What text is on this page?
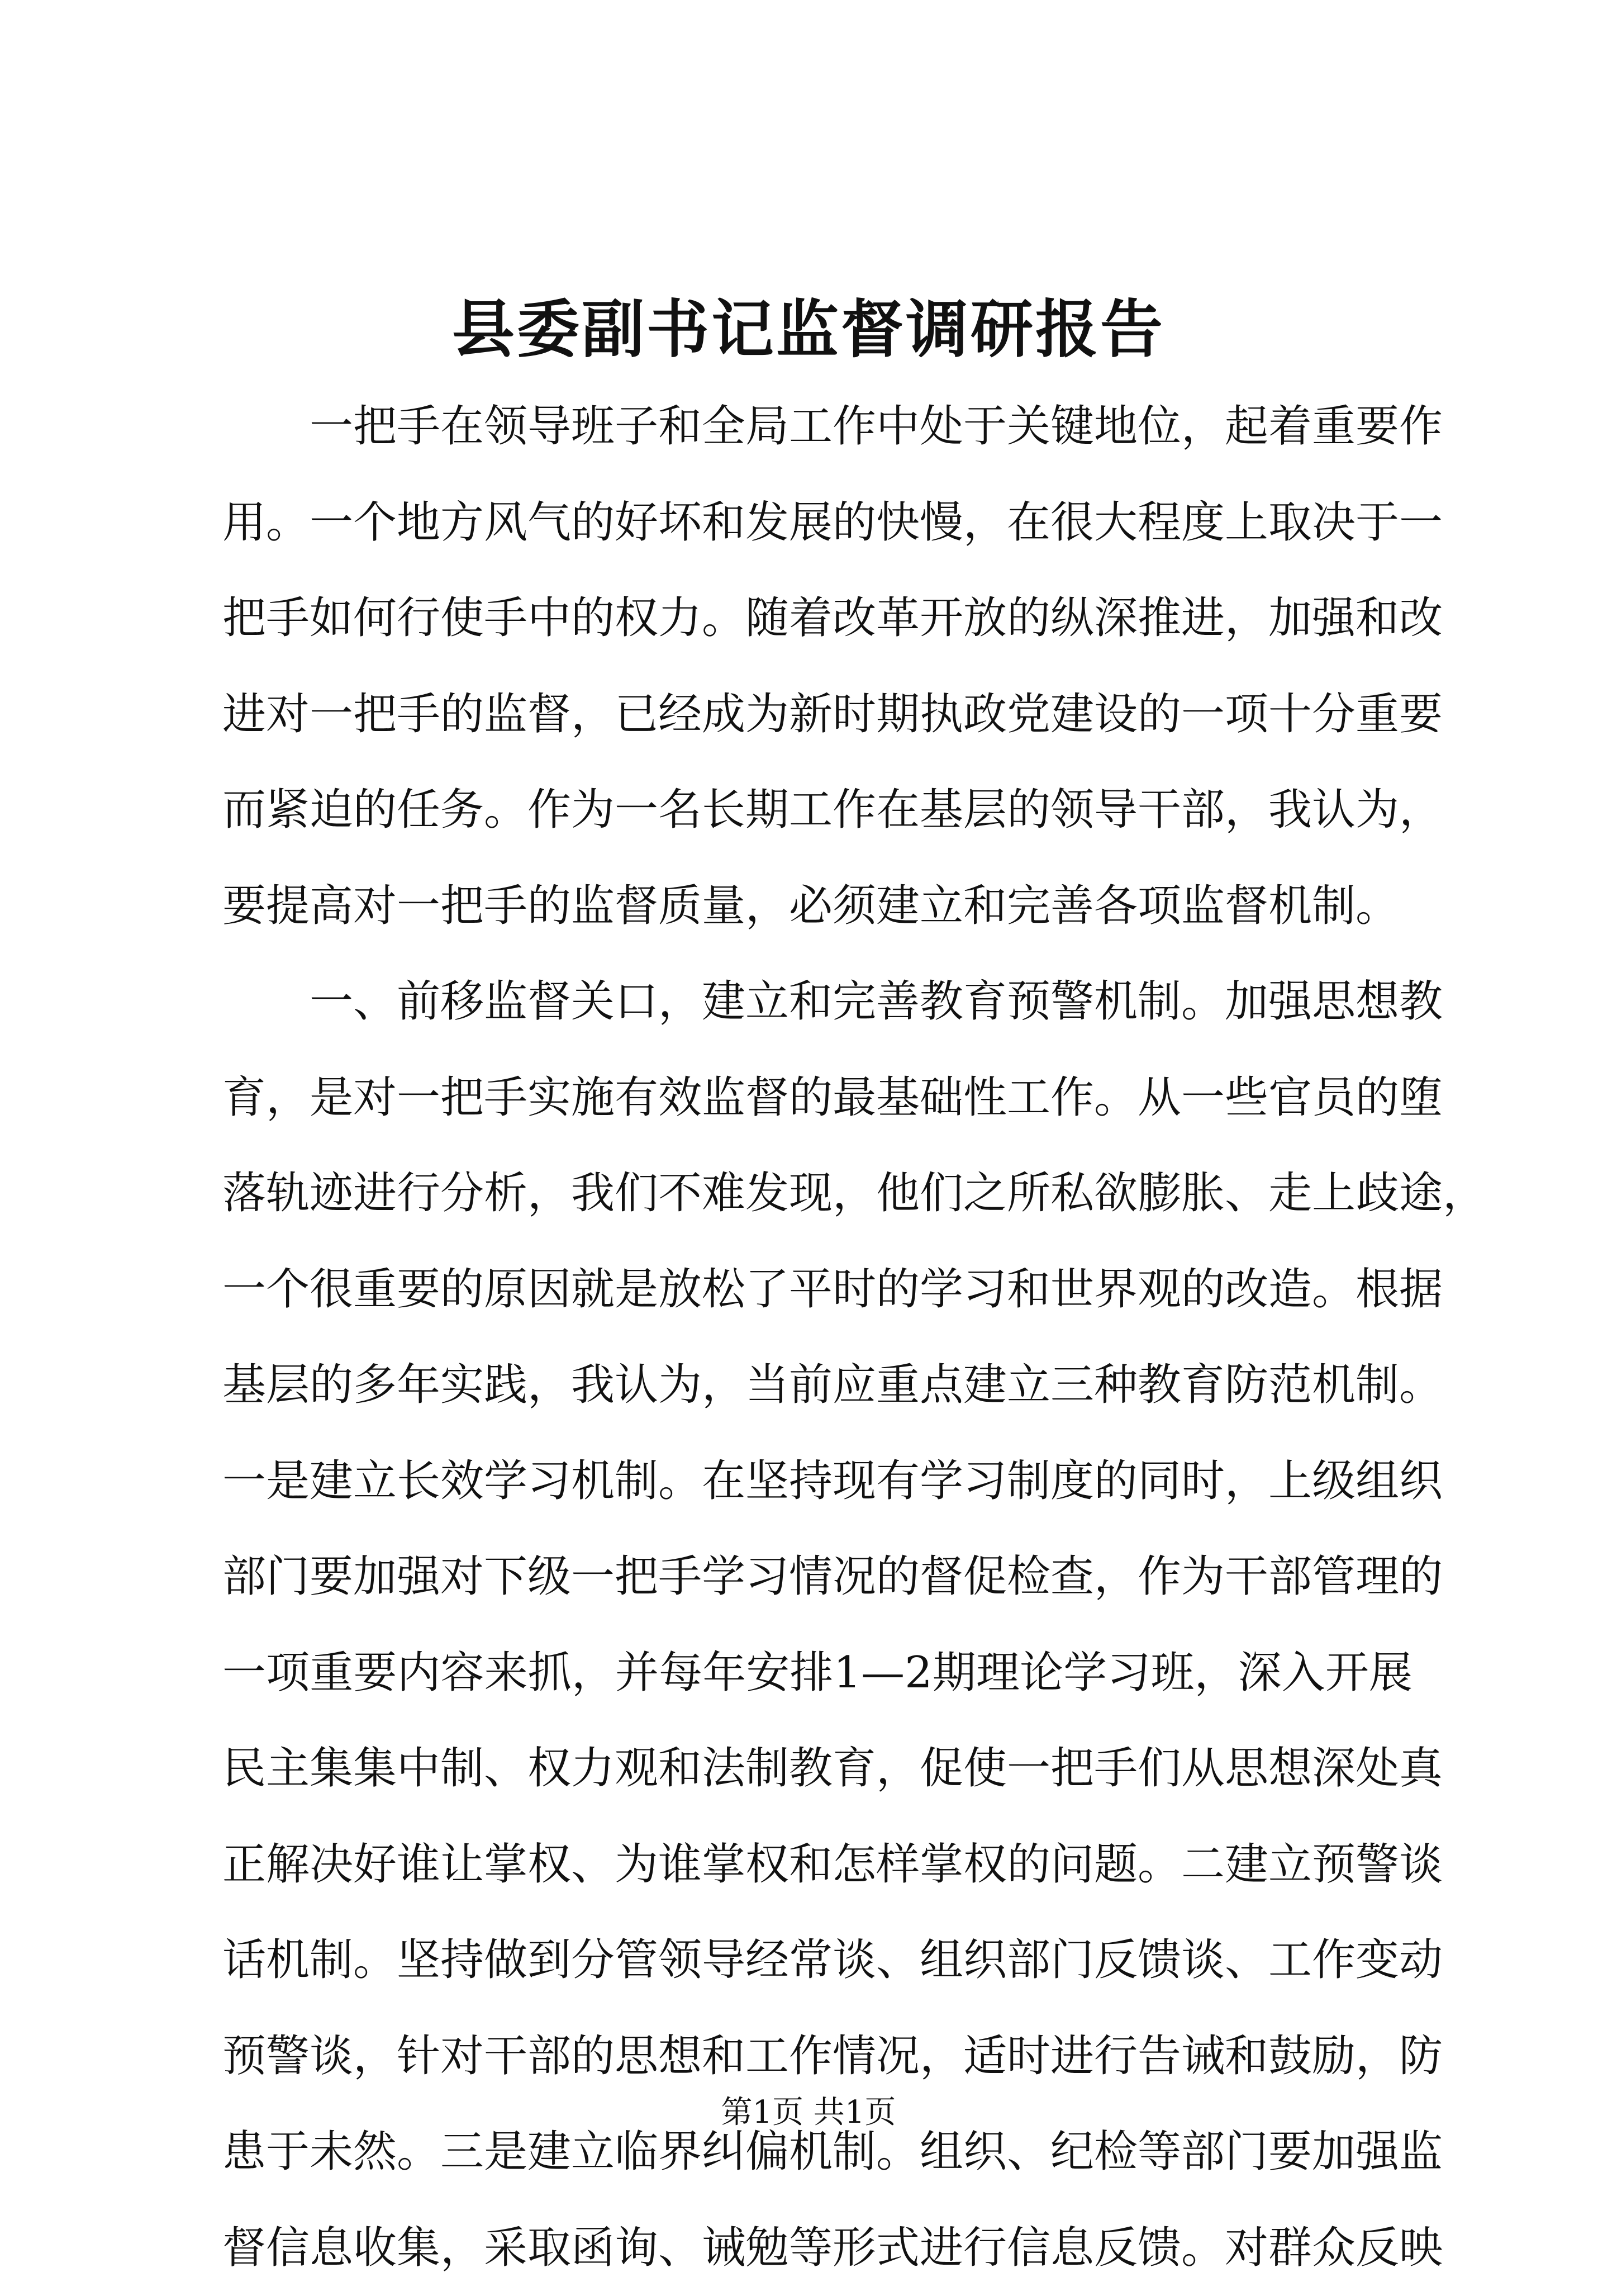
县委副书记监督调研报告
　　一把手在领导班子和全局工作中处于关键地位，起着重要作
用。一个地方风气的好坏和发展的快慢，在很大程度上取决于一
把手如何行使手中的权力。随着改革开放的纵深推进，加强和改
进对一把手的监督，已经成为新时期执政党建设的一项十分重要
而紧迫的任务。作为一名长期工作在基层的领导干部，我认为，
要提高对一把手的监督质量，必须建立和完善各项监督机制。
　　一、前移监督关口，建立和完善教育预警机制。加强思想教
育，是对一把手实施有效监督的最基础性工作。从一些官员的堕
落轨迹进行分析，我们不难发现，他们之所私欲膨胀、走上歧途，
一个很重要的原因就是放松了平时的学习和世界观的改造。根据
基层的多年实践，我认为，当前应重点建立三种教育防范机制。
一是建立长效学习机制。在坚持现有学习制度的同时，上级组织
部门要加强对下级一把手学习情况的督促检查，作为干部管理的
一项重要内容来抓，并每年安排1—2期理论学习班，深入开展
民主集集中制、权力观和法制教育，促使一把手们从思想深处真
正解决好谁让掌权、为谁掌权和怎样掌权的问题。二建立预警谈
话机制。坚持做到分管领导经常谈、组织部门反馈谈、工作变动
预警谈，针对干部的思想和工作情况，适时进行告诫和鼓励，防
患于未然。三是建立临界纠偏机制。组织、纪检等部门要加强监
督信息收集，采取函询、诫勉等形式进行信息反馈。对群众反映
第1页 共1页
